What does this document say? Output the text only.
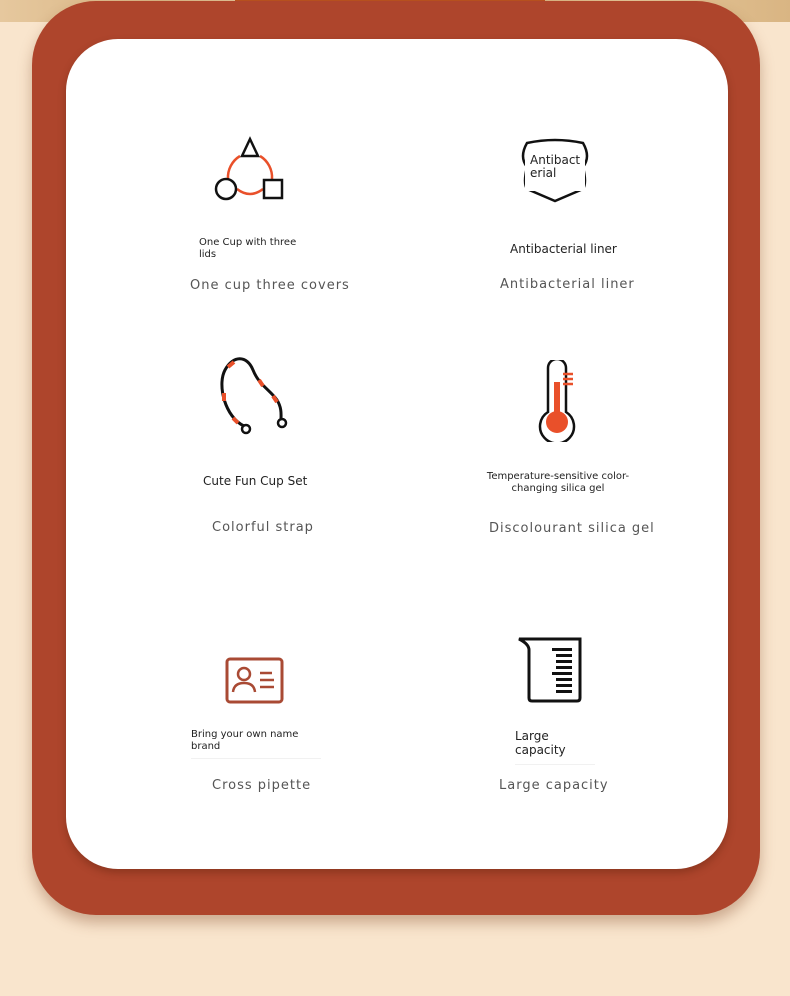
One Cup with three lids
One cup three covers
Antibacterial
Antibacterial liner
Antibacterial liner
Cute Fun Cup Set
Colorful strap
Temperature-sensitive color-changing silica gel
Discolourant silica gel
Bring your own name brand
Cross pipette
Large capacity
Large capacity
